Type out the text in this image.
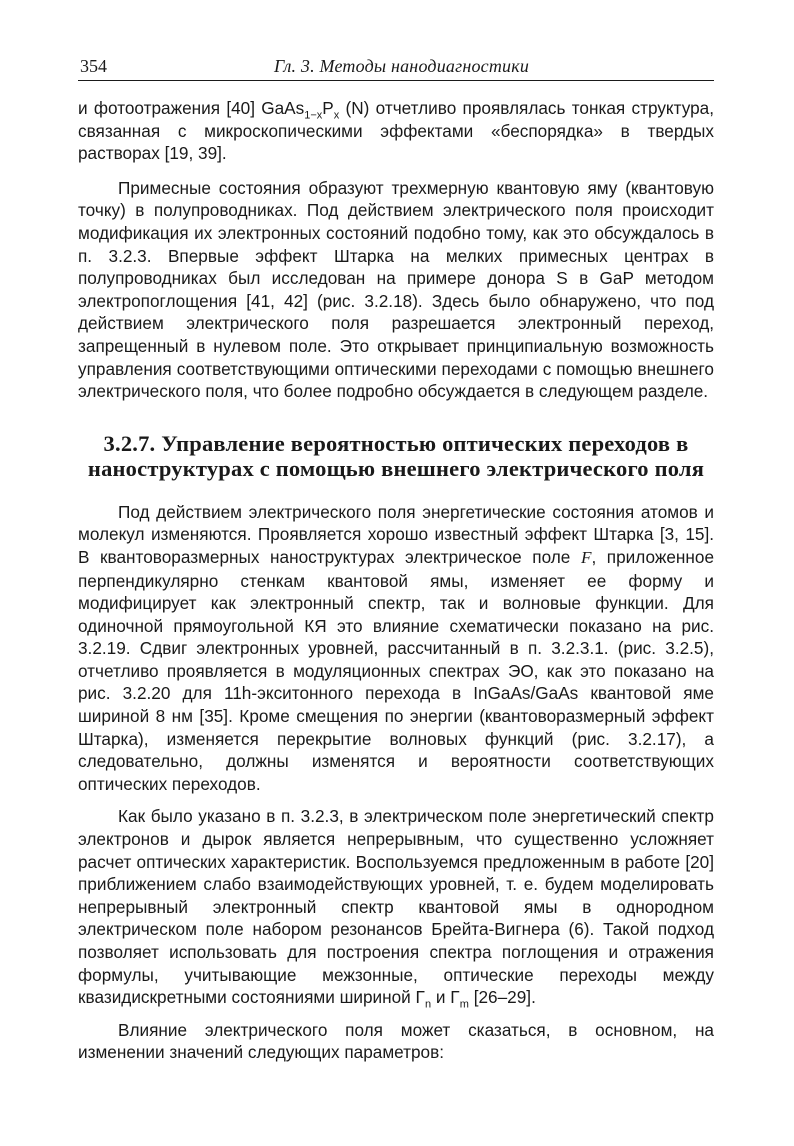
354	Гл. 3. Методы нанодиагностики

и фотоотражения [40] $GaAs_{1-x}P_x$ (N) отчетливо проявлялась тонкая структура, связанная с микроскопическими эффектами «беспорядка» в твердых растворах [19, 39].

Примесные состояния образуют трехмерную квантовую яму (квантовую точку) в полупроводниках. Под действием электрического поля происходит модификация их электронных состояний подобно тому, как это обсуждалось в п. 3.2.3. Впервые эффект Штарка на мелких примесных центрах в полупроводниках был исследован на примере донора S в GaP методом электропоглощения [41, 42] (рис. 3.2.18). Здесь было обнаружено, что под действием электрического поля разрешается электронный переход, запрещенный в нулевом поле. Это открывает принципиальную возможность управления соответствующими оптическими переходами с помощью внешнего электрического поля, что более подробно обсуждается в следующем разделе.

3.2.7. Управление вероятностью оптических переходов в наноструктурах с помощью внешнего электрического поля

Под действием электрического поля энергетические состояния атомов и молекул изменяются. Проявляется хорошо известный эффект Штарка [3, 15]. В квантоворазмерных наноструктурах электрическое поле F, приложенное перпендикулярно стенкам квантовой ямы, изменяет ее форму и модифицирует как электронный спектр, так и волновые функции. Для одиночной прямоугольной КЯ это влияние схематически показано на рис. 3.2.19. Сдвиг электронных уровней, рассчитанный в п. 3.2.3.1. (рис. 3.2.5), отчетливо проявляется в модуляционных спектрах ЭО, как это показано на рис. 3.2.20 для 11h-экситонного перехода в InGaAs/GaAs квантовой яме шириной 8 нм [35]. Кроме смещения по энергии (квантоворазмерный эффект Штарка), изменяется перекрытие волновых функций (рис. 3.2.17), а следовательно, должны изменятся и вероятности соответствующих оптических переходов.

Как было указано в п. 3.2.3, в электрическом поле энергетический спектр электронов и дырок является непрерывным, что существенно усложняет расчет оптических характеристик. Воспользуемся предложенным в работе [20] приближением слабо взаимодействующих уровней, т. е. будем моделировать непрерывный электронный спектр квантовой ямы в однородном электрическом поле набором резонансов Брейта-Вигнера (6). Такой подход позволяет использовать для построения спектра поглощения и отражения формулы, учитывающие межзонные, оптические переходы между квазидискретными состояниями шириной $\Gamma_n$ и $\Gamma_m$ [26–29].

Влияние электрического поля может сказаться, в основном, на изменении значений следующих параметров:
